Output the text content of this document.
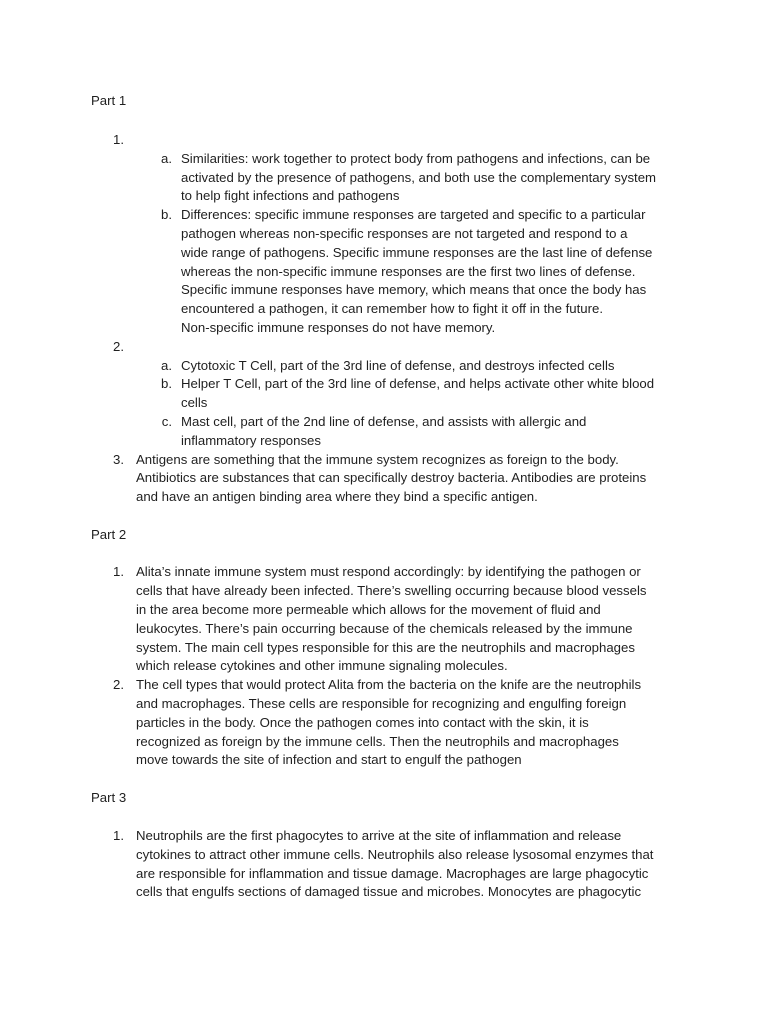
Part 1

1.
a. Similarities: work together to protect body from pathogens and infections, can be

activated by the presence of pathogens, and both use the complementary system

to help fight infections and pathogens

b. Differences: specific immune responses are targeted and specific to a particular

pathogen whereas non-specific responses are not targeted and respond to a

wide range of pathogens. Specific immune responses are the last line of defense

whereas the non-specific immune responses are the first two lines of defense.

Specific immune responses have memory, which means that once the body has

encountered a pathogen, it can remember how to fight it off in the future.

Non-specific immune responses do not have memory.

2.
a. Cytotoxic T Cell, part of the 3rd line of defense, and destroys infected cells

b. Helper T Cell, part of the 3rd line of defense, and helps activate other white blood

cells

c. Mast cell, part of the 2nd line of defense, and assists with allergic and

inflammatory responses

3. Antigens are something that the immune system recognizes as foreign to the body.

Antibiotics are substances that can specifically destroy bacteria. Antibodies are proteins

and have an antigen binding area where they bind a specific antigen.

Part 2

1. Alita’s innate immune system must respond accordingly: by identifying the pathogen or

cells that have already been infected. There’s swelling occurring because blood vessels

in the area become more permeable which allows for the movement of fluid and

leukocytes. There’s pain occurring because of the chemicals released by the immune

system. The main cell types responsible for this are the neutrophils and macrophages

which release cytokines and other immune signaling molecules.

2. The cell types that would protect Alita from the bacteria on the knife are the neutrophils

and macrophages. These cells are responsible for recognizing and engulfing foreign

particles in the body. Once the pathogen comes into contact with the skin, it is

recognized as foreign by the immune cells. Then the neutrophils and macrophages

move towards the site of infection and start to engulf the pathogen

Part 3

1. Neutrophils are the first phagocytes to arrive at the site of inflammation and release

cytokines to attract other immune cells. Neutrophils also release lysosomal enzymes that

are responsible for inflammation and tissue damage. Macrophages are large phagocytic

cells that engulfs sections of damaged tissue and microbes. Monocytes are phagocytic
